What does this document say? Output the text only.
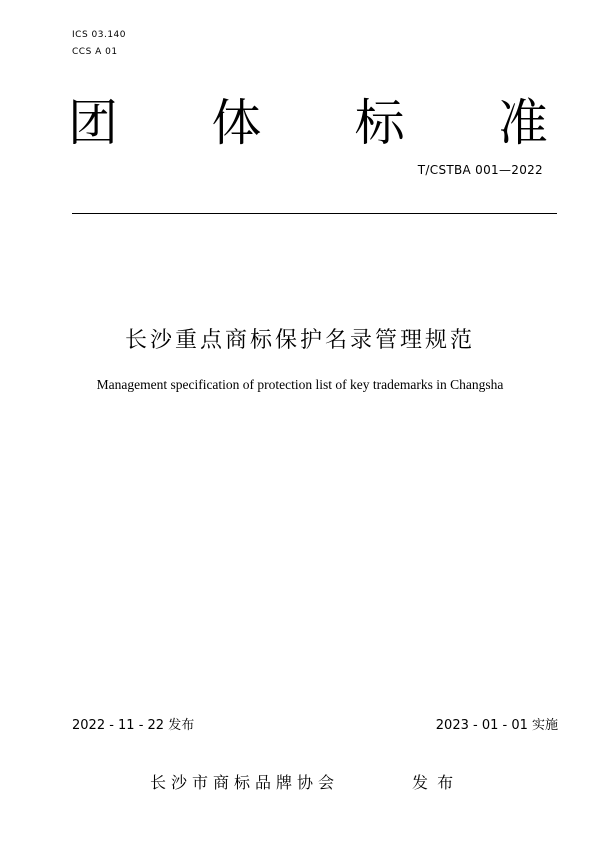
ICS 03.140
CCS A 01
团 体 标 准
T/CSTBA 001—2022
长沙重点商标保护名录管理规范
Management specification of protection list of key trademarks in Changsha
2022 - 11 - 22 发布	2023 - 01 - 01 实施
长沙市商标品牌协会	发 布
